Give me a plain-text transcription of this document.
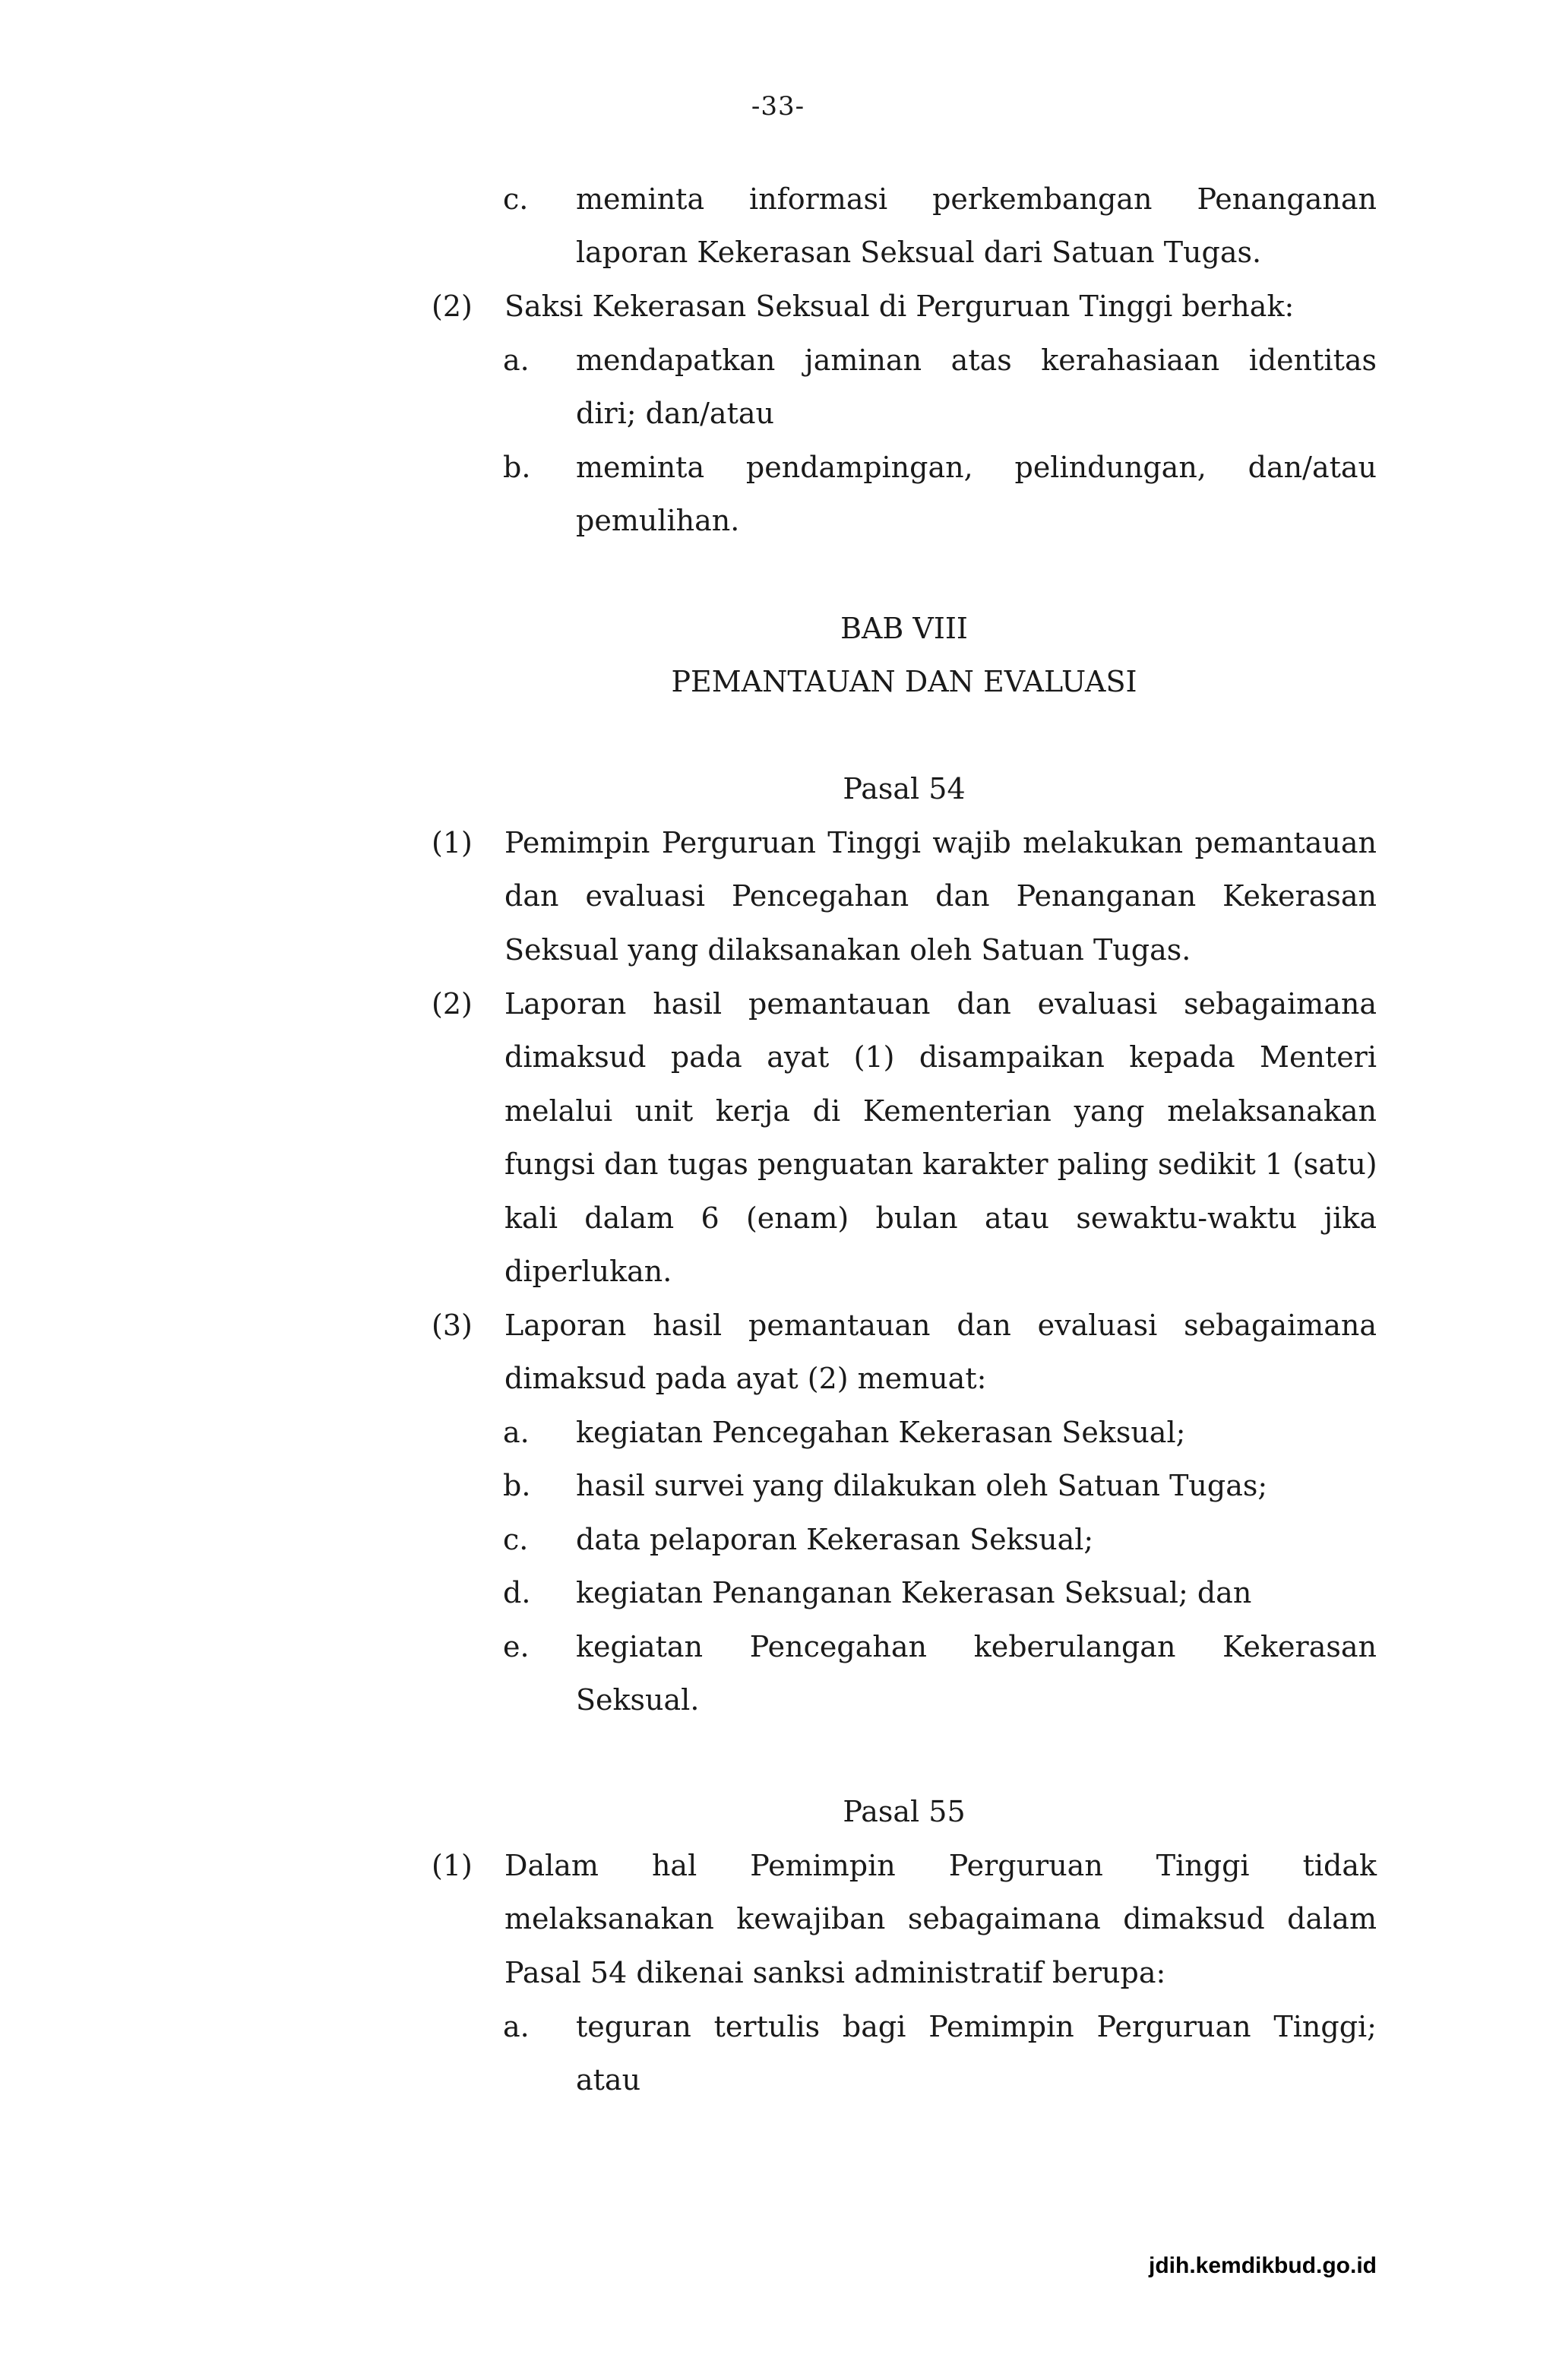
-33-
c. meminta informasi perkembangan Penanganan
laporan Kekerasan Seksual dari Satuan Tugas.
(2) Saksi Kekerasan Seksual di Perguruan Tinggi berhak:
a. mendapatkan jaminan atas kerahasiaan identitas
diri; dan/atau
b. meminta pendampingan, pelindungan, dan/atau
pemulihan.
BAB VIII
PEMANTAUAN DAN EVALUASI
Pasal 54
(1) Pemimpin Perguruan Tinggi wajib melakukan pemantauan
dan evaluasi Pencegahan dan Penanganan Kekerasan
Seksual yang dilaksanakan oleh Satuan Tugas.
(2) Laporan hasil pemantauan dan evaluasi sebagaimana
dimaksud pada ayat (1) disampaikan kepada Menteri
melalui unit kerja di Kementerian yang melaksanakan
fungsi dan tugas penguatan karakter paling sedikit 1 (satu)
kali dalam 6 (enam) bulan atau sewaktu-waktu jika
diperlukan.
(3) Laporan hasil pemantauan dan evaluasi sebagaimana
dimaksud pada ayat (2) memuat:
a. kegiatan Pencegahan Kekerasan Seksual;
b. hasil survei yang dilakukan oleh Satuan Tugas;
c. data pelaporan Kekerasan Seksual;
d. kegiatan Penanganan Kekerasan Seksual; dan
e. kegiatan Pencegahan keberulangan Kekerasan
Seksual.
Pasal 55
(1) Dalam hal Pemimpin Perguruan Tinggi tidak
melaksanakan kewajiban sebagaimana dimaksud dalam
Pasal 54 dikenai sanksi administratif berupa:
a. teguran tertulis bagi Pemimpin Perguruan Tinggi;
atau
jdih.kemdikbud.go.id
